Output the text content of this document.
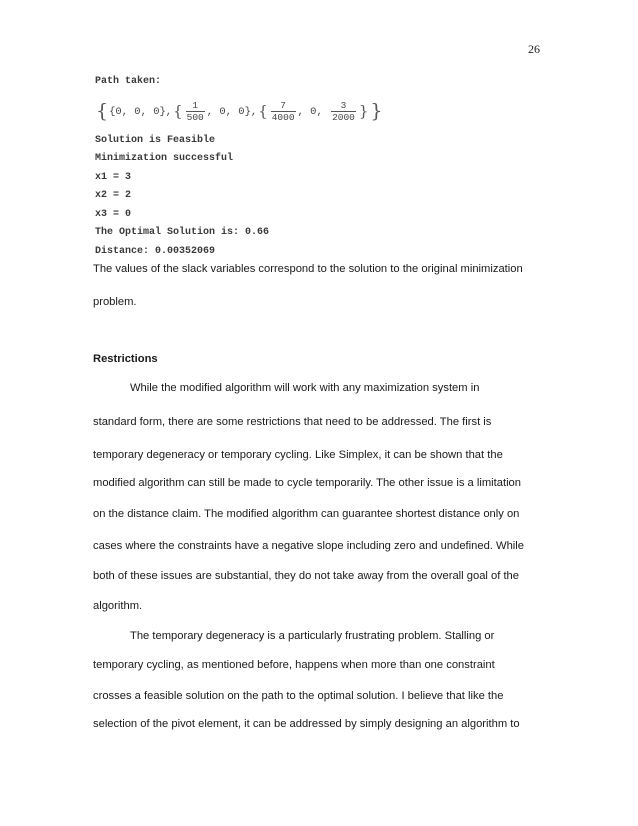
26
Path taken:
{ {0, 0, 0}, { $\frac{1}{500}$ , 0, 0}, { $\frac{7}{4000}$ , 0, $\frac{3}{2000}$ } }
Solution is Feasible
Minimization successful
x1 = 3
x2 = 2
x3 = 0
The Optimal Solution is: 0.66
Distance: 0.00352069
The values of the slack variables correspond to the solution to the original minimization
problem.
Restrictions
While the modified algorithm will work with any maximization system in
standard form, there are some restrictions that need to be addressed. The first is
temporary degeneracy or temporary cycling. Like Simplex, it can be shown that the
modified algorithm can still be made to cycle temporarily. The other issue is a limitation
on the distance claim. The modified algorithm can guarantee shortest distance only on
cases where the constraints have a negative slope including zero and undefined. While
both of these issues are substantial, they do not take away from the overall goal of the
algorithm.
The temporary degeneracy is a particularly frustrating problem. Stalling or
temporary cycling, as mentioned before, happens when more than one constraint
crosses a feasible solution on the path to the optimal solution. I believe that like the
selection of the pivot element, it can be addressed by simply designing an algorithm to
